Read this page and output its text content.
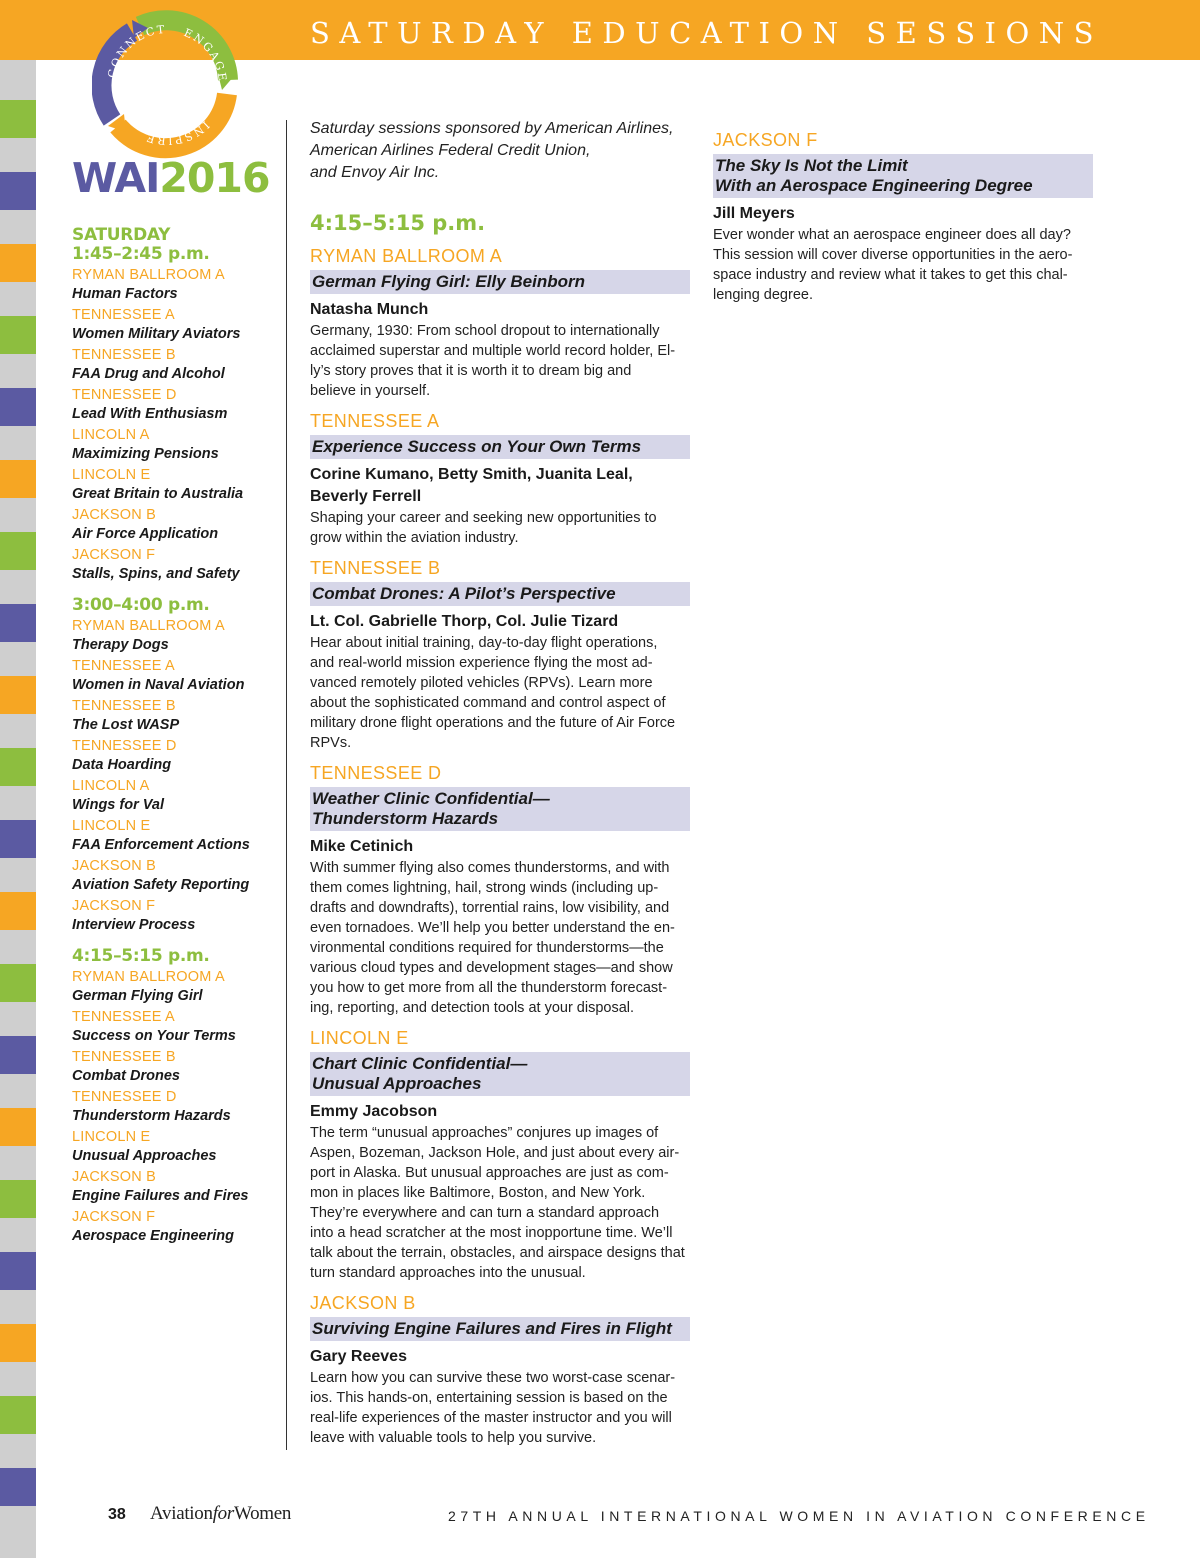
SATURDAY EDUCATION SESSIONS
CONNECT ENGAGE
INSPIRE
WAI2016
SATURDAY
1:45–2:45 p.m.
RYMAN BALLROOM A
Human Factors
TENNESSEE A
Women Military Aviators
TENNESSEE B
FAA Drug and Alcohol
TENNESSEE D
Lead With Enthusiasm
LINCOLN A
Maximizing Pensions
LINCOLN E
Great Britain to Australia
JACKSON B
Air Force Application
JACKSON F
Stalls, Spins, and Safety
3:00–4:00 p.m.
RYMAN BALLROOM A
Therapy Dogs
TENNESSEE A
Women in Naval Aviation
TENNESSEE B
The Lost WASP
TENNESSEE D
Data Hoarding
LINCOLN A
Wings for Val
LINCOLN E
FAA Enforcement Actions
JACKSON B
Aviation Safety Reporting
JACKSON F
Interview Process
4:15–5:15 p.m.
RYMAN BALLROOM A
German Flying Girl
TENNESSEE A
Success on Your Terms
TENNESSEE B
Combat Drones
TENNESSEE D
Thunderstorm Hazards
LINCOLN E
Unusual Approaches
JACKSON B
Engine Failures and Fires
JACKSON F
Aerospace Engineering
Saturday sessions sponsored by American Airlines,
American Airlines Federal Credit Union,
and Envoy Air Inc.
4:15–5:15 p.m.
RYMAN BALLROOM A
German Flying Girl: Elly Beinborn
Natasha Munch
Germany, 1930: From school dropout to internationally
acclaimed superstar and multiple world record holder, El-
ly’s story proves that it is worth it to dream big and
believe in yourself.
TENNESSEE A
Experience Success on Your Own Terms
Corine Kumano, Betty Smith, Juanita Leal,
Beverly Ferrell
Shaping your career and seeking new opportunities to
grow within the aviation industry.
TENNESSEE B
Combat Drones: A Pilot’s Perspective
Lt. Col. Gabrielle Thorp, Col. Julie Tizard
Hear about initial training, day-to-day flight operations,
and real-world mission experience flying the most ad-
vanced remotely piloted vehicles (RPVs). Learn more
about the sophisticated command and control aspect of
military drone flight operations and the future of Air Force
RPVs.
TENNESSEE D
Weather Clinic Confidential—
Thunderstorm Hazards
Mike Cetinich
With summer flying also comes thunderstorms, and with
them comes lightning, hail, strong winds (including up-
drafts and downdrafts), torrential rains, low visibility, and
even tornadoes. We’ll help you better understand the en-
vironmental conditions required for thunderstorms—the
various cloud types and development stages—and show
you how to get more from all the thunderstorm forecast-
ing, reporting, and detection tools at your disposal.
LINCOLN E
Chart Clinic Confidential—
Unusual Approaches
Emmy Jacobson
The term “unusual approaches” conjures up images of
Aspen, Bozeman, Jackson Hole, and just about every air-
port in Alaska. But unusual approaches are just as com-
mon in places like Baltimore, Boston, and New York.
They’re everywhere and can turn a standard approach
into a head scratcher at the most inopportune time. We’ll
talk about the terrain, obstacles, and airspace designs that
turn standard approaches into the unusual.
JACKSON B
Surviving Engine Failures and Fires in Flight
Gary Reeves
Learn how you can survive these two worst-case scenar-
ios. This hands-on, entertaining session is based on the
real-life experiences of the master instructor and you will
leave with valuable tools to help you survive.
JACKSON F
The Sky Is Not the Limit
With an Aerospace Engineering Degree
Jill Meyers
Ever wonder what an aerospace engineer does all day?
This session will cover diverse opportunities in the aero-
space industry and review what it takes to get this chal-
lenging degree.
38 AviationforWomen	27TH ANNUAL INTERNATIONAL WOMEN IN AVIATION CONFERENCE
